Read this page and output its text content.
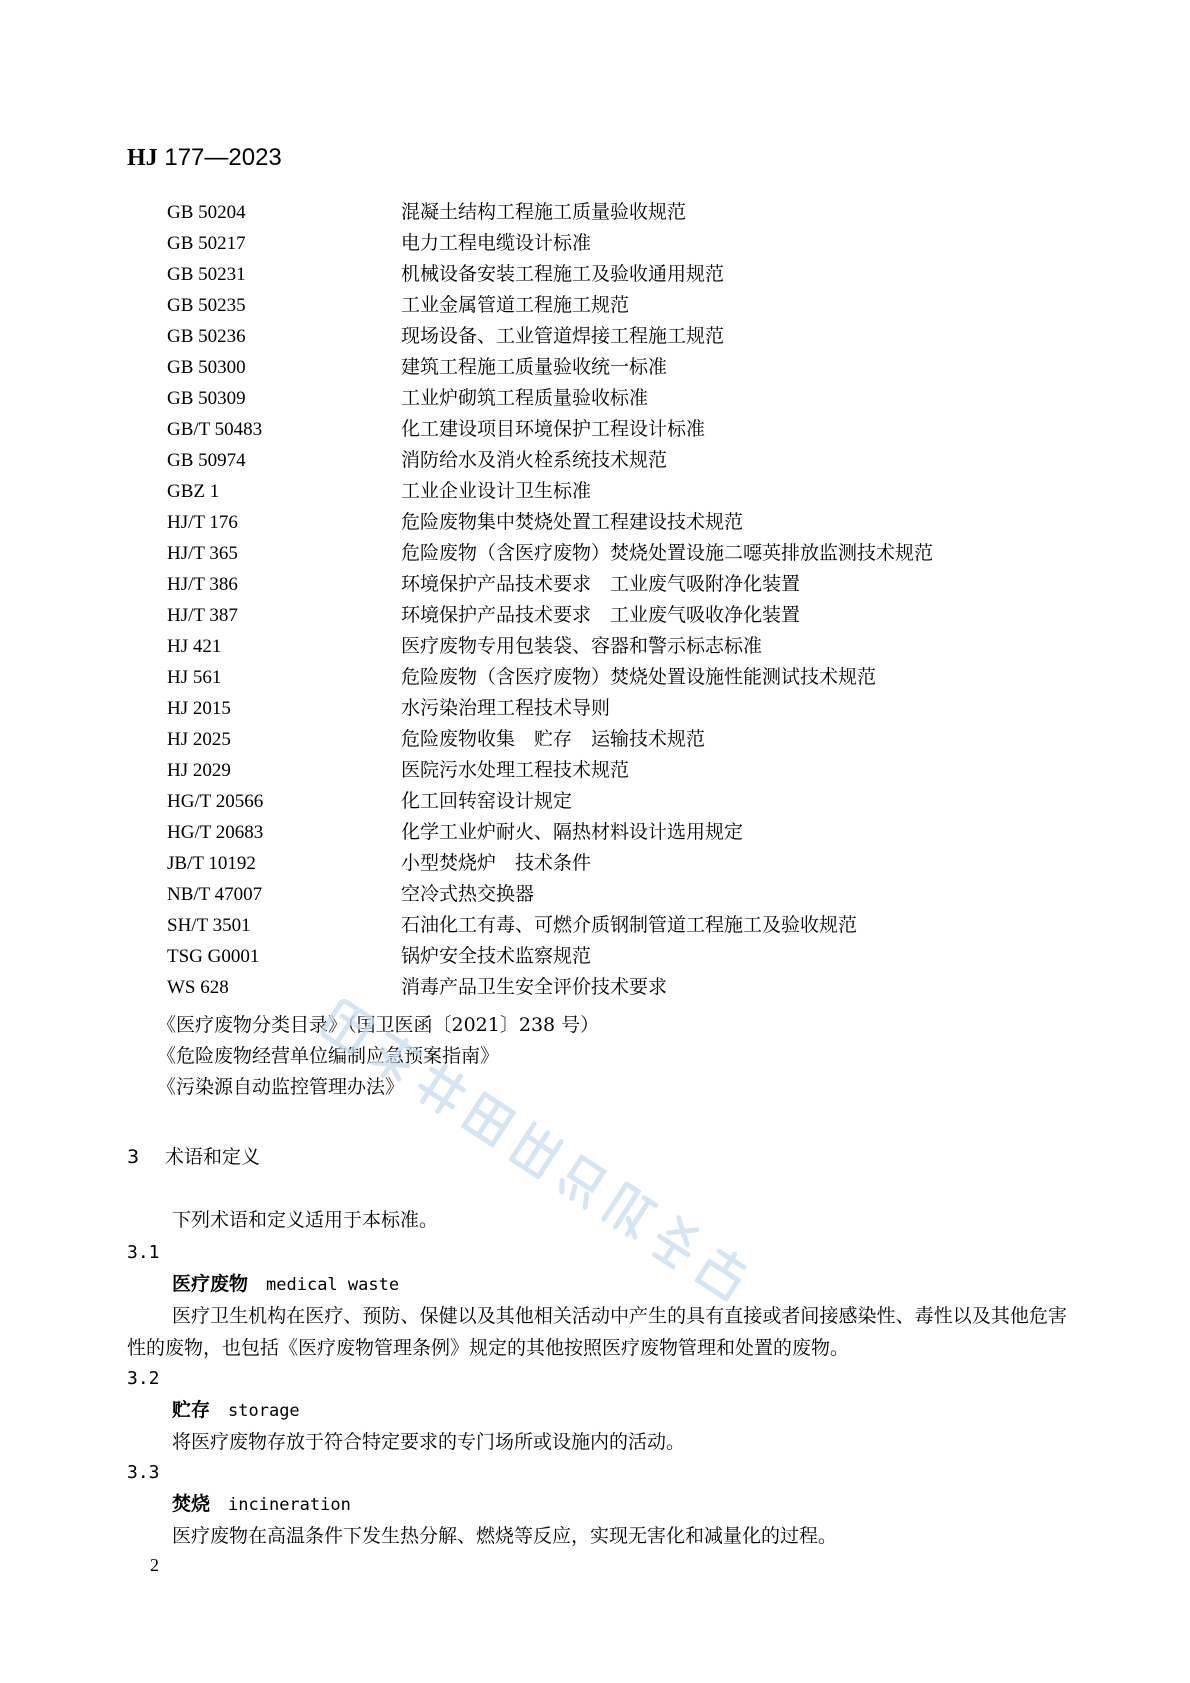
HJ 177—2023
GB 50204	混凝土结构工程施工质量验收规范
GB 50217	电力工程电缆设计标准
GB 50231	机械设备安装工程施工及验收通用规范
GB 50235	工业金属管道工程施工规范
GB 50236	现场设备、工业管道焊接工程施工规范
GB 50300	建筑工程施工质量验收统一标准
GB 50309	工业炉砌筑工程质量验收标准
GB/T 50483	化工建设项目环境保护工程设计标准
GB 50974	消防给水及消火栓系统技术规范
GBZ 1	工业企业设计卫生标准
HJ/T 176	危险废物集中焚烧处置工程建设技术规范
HJ/T 365	危险废物（含医疗废物）焚烧处置设施二噁英排放监测技术规范
HJ/T 386	环境保护产品技术要求　工业废气吸附净化装置
HJ/T 387	环境保护产品技术要求　工业废气吸收净化装置
HJ 421	医疗废物专用包装袋、容器和警示标志标准
HJ 561	危险废物（含医疗废物）焚烧处置设施性能测试技术规范
HJ 2015	水污染治理工程技术导则
HJ 2025	危险废物收集　贮存　运输技术规范
HJ 2029	医院污水处理工程技术规范
HG/T 20566	化工回转窑设计规定
HG/T 20683	化学工业炉耐火、隔热材料设计选用规定
JB/T 10192	小型焚烧炉　技术条件
NB/T 47007	空冷式热交换器
SH/T 3501	石油化工有毒、可燃介质钢制管道工程施工及验收规范
TSG G0001	锅炉安全技术监察规范
WS 628	消毒产品卫生安全评价技术要求
《医疗废物分类目录》（国卫医函〔2021〕238 号）
《危险废物经营单位编制应急预案指南》
《污染源自动监控管理办法》
3 术语和定义
下列术语和定义适用于本标准。
3.1
医疗废物 medical waste
医疗卫生机构在医疗、预防、保健以及其他相关活动中产生的具有直接或者间接感染性、毒性以及其他危害性的废物，也包括《医疗废物管理条例》规定的其他按照医疗废物管理和处置的废物。
3.2
贮存 storage
将医疗废物存放于符合特定要求的专门场所或设施内的活动。
3.3
焚烧 incineration
医疗废物在高温条件下发生热分解、燃烧等反应，实现无害化和减量化的过程。
2
